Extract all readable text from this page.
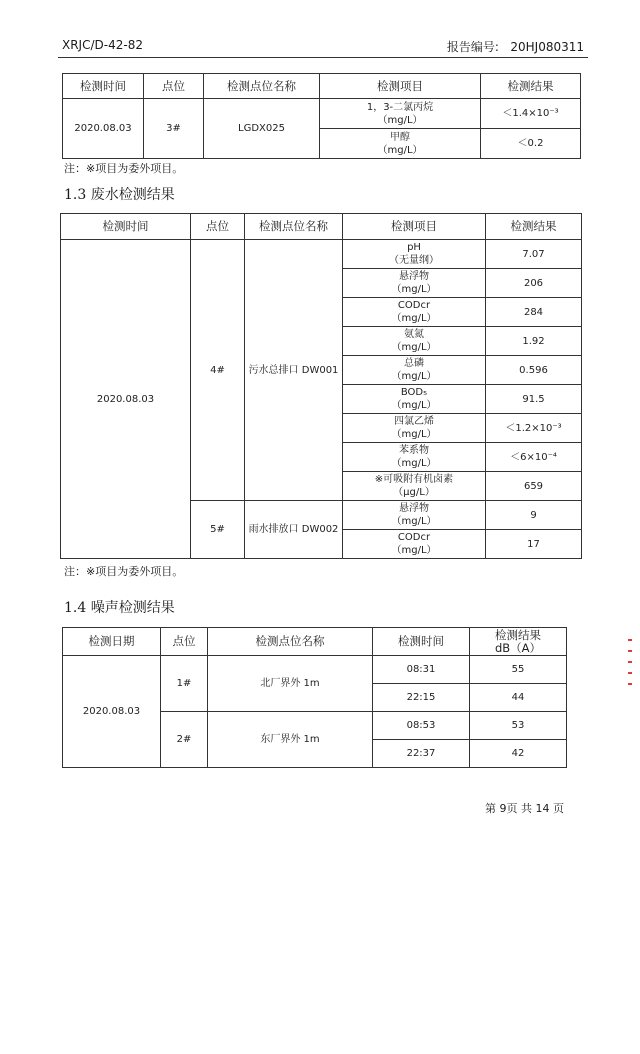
XRJC/D-42-82	报告编号: 20HJ080311
检测时间	点位	检测点位名称	检测项目	检测结果
2020.08.03	3#	LGDX025	1，3-二氯丙烷
（mg/L）	＜1.4×10⁻³

			甲醇
（mg/L）	＜0.2
注：※项目为委外项目。
1.3 废水检测结果
检测时间	点位	检测点位名称	检测项目	检测结果
2020.08.03	4#	污水总排口 DW001	pH
（无量纲）	7.07

			悬浮物
（mg/L）	206

			CODcr
（mg/L）	284

			氨氮
（mg/L）	1.92

			总磷
（mg/L）	0.596

			BOD₅
（mg/L）	91.5

			四氯乙烯
（mg/L）	＜1.2×10⁻³

			苯系物
（mg/L）	＜6×10⁻⁴

			※可吸附有机卤素
（μg/L）	659
	5#	雨水排放口 DW002	悬浮物
（mg/L）	9

			CODcr
（mg/L）	17
注：※项目为委外项目。
1.4 噪声检测结果
检测日期	点位	检测点位名称	检测时间	检测结果
dB（A）

2020.08.03	1#	北厂界外 1m	08:31	55
			22:15	44
	2#	东厂界外 1m	08:53	53
			22:37	42
第 9页 共 14 页
